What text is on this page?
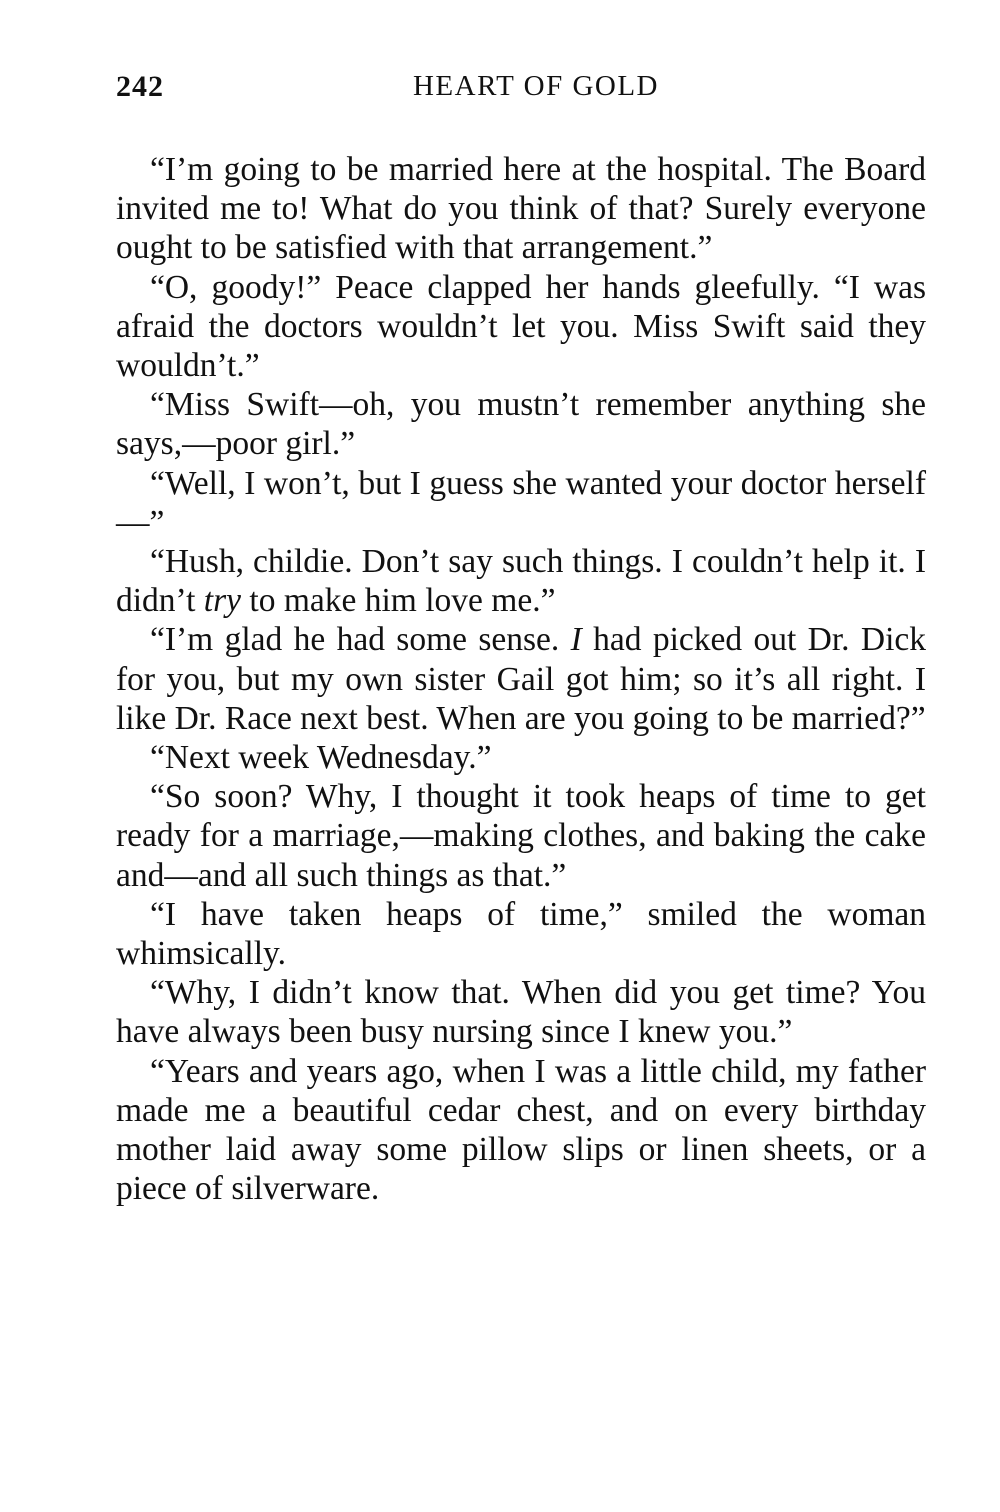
242	HEART OF GOLD

“I’m going to be married here at the hospital. The Board invited me to! What do you think of that? Surely everyone ought to be satisfied with that arrangement.”

“O, goody!” Peace clapped her hands gleefully. “I was afraid the doctors wouldn’t let you. Miss Swift said they wouldn’t.”

“Miss Swift—oh, you mustn’t remember anything she says,—poor girl.”

“Well, I won’t, but I guess she wanted your doctor herself—”

“Hush, childie. Don’t say such things. I couldn’t help it. I didn’t try to make him love me.”

“I’m glad he had some sense. I had picked out Dr. Dick for you, but my own sister Gail got him; so it’s all right. I like Dr. Race next best. When are you going to be married?”

“Next week Wednesday.”

“So soon? Why, I thought it took heaps of time to get ready for a marriage,—making clothes, and baking the cake and—and all such things as that.”

“I have taken heaps of time,” smiled the woman whimsically.

“Why, I didn’t know that. When did you get time? You have always been busy nursing since I knew you.”

“Years and years ago, when I was a little child, my father made me a beautiful cedar chest, and on every birthday mother laid away some pillow slips or linen sheets, or a piece of silverware.
